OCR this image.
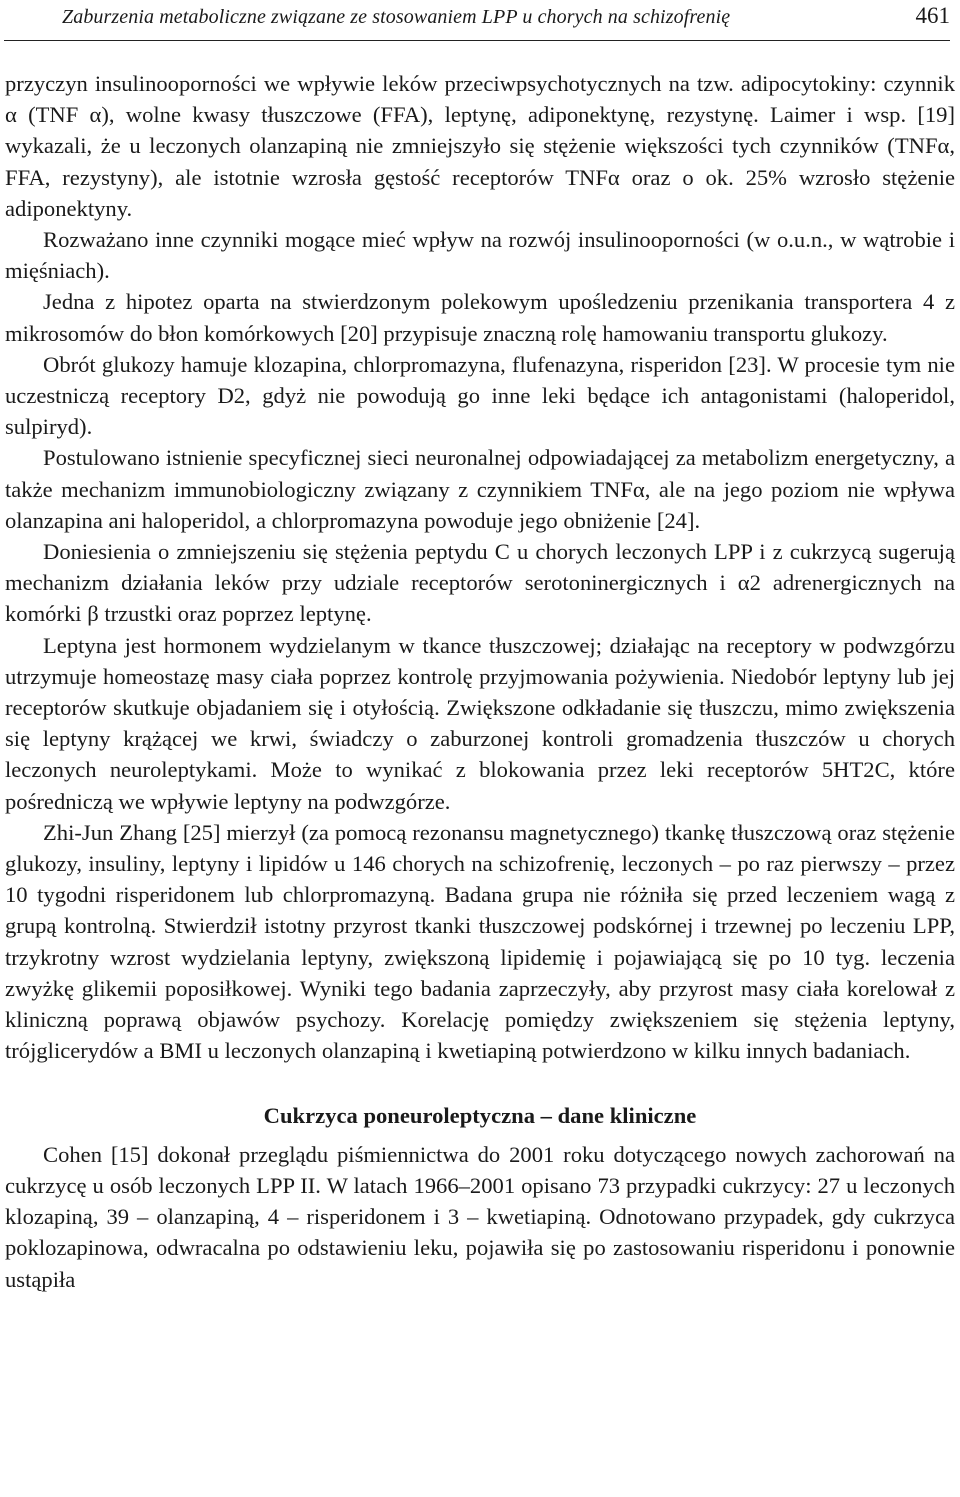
Zaburzenia metaboliczne związane ze stosowaniem LPP u chorych na schizofrenię	461

przyczyn insulinooporności we wpływie leków przeciwpsychotycznych na tzw. adipocytokiny: czynnik α (TNF α), wolne kwasy tłuszczowe (FFA), leptynę, adiponektynę, rezystynę. Laimer i wsp. [19] wykazali, że u leczonych olanzapiną nie zmniejszyło się stężenie większości tych czynników (TNFα, FFA, rezystyny), ale istotnie wzrosła gęstość receptorów TNFα oraz o ok. 25% wzrosło stężenie adiponektyny.

Rozważano inne czynniki mogące mieć wpływ na rozwój insulinooporności (w o.u.n., w wątrobie i mięśniach).

Jedna z hipotez oparta na stwierdzonym polekowym upośledzeniu przenikania transportera 4 z mikrosomów do błon komórkowych [20] przypisuje znaczną rolę hamowaniu transportu glukozy.

Obrót glukozy hamuje klozapina, chlorpromazyna, flufenazyna, risperidon [23]. W procesie tym nie uczestniczą receptory D2, gdyż nie powodują go inne leki będące ich antagonistami (haloperidol, sulpiryd).

Postulowano istnienie specyficznej sieci neuronalnej odpowiadającej za metabolizm energetyczny, a także mechanizm immunobiologiczny związany z czynnikiem TNFα, ale na jego poziom nie wpływa olanzapina ani haloperidol, a chlorpromazyna powoduje jego obniżenie [24].

Doniesienia o zmniejszeniu się stężenia peptydu C u chorych leczonych LPP i z cukrzycą sugerują mechanizm działania leków przy udziale receptorów serotoninergicznych i α2 adrenergicznych na komórki β trzustki oraz poprzez leptynę.

Leptyna jest hormonem wydzielanym w tkance tłuszczowej; działając na receptory w podwzgórzu utrzymuje homeostazę masy ciała poprzez kontrolę przyjmowania pożywienia. Niedobór leptyny lub jej receptorów skutkuje objadaniem się i otyłością. Zwiększone odkładanie się tłuszczu, mimo zwiększenia się leptyny krążącej we krwi, świadczy o zaburzonej kontroli gromadzenia tłuszczów u chorych leczonych neuroleptykami. Może to wynikać z blokowania przez leki receptorów 5HT2C, które pośredniczą we wpływie leptyny na podwzgórze.

Zhi-Jun Zhang [25] mierzył (za pomocą rezonansu magnetycznego) tkankę tłuszczową oraz stężenie glukozy, insuliny, leptyny i lipidów u 146 chorych na schizofrenię, leczonych – po raz pierwszy – przez 10 tygodni risperidonem lub chlorpromazyną. Badana grupa nie różniła się przed leczeniem wagą z grupą kontrolną. Stwierdził istotny przyrost tkanki tłuszczowej podskórnej i trzewnej po leczeniu LPP, trzykrotny wzrost wydzielania leptyny, zwiększoną lipidemię i pojawiającą się po 10 tyg. leczenia zwyżkę glikemii poposiłkowej. Wyniki tego badania zaprzeczyły, aby przyrost masy ciała korelował z kliniczną poprawą objawów psychozy. Korelację pomiędzy zwiększeniem się stężenia leptyny, trójglicerydów a BMI u leczonych olanzapiną i kwetiapiną potwierdzono w kilku innych badaniach.

Cukrzyca poneuroleptyczna – dane kliniczne

Cohen [15] dokonał przeglądu piśmiennictwa do 2001 roku dotyczącego nowych zachorowań na cukrzycę u osób leczonych LPP II. W latach 1966–2001 opisano 73 przypadki cukrzycy: 27 u leczonych klozapiną, 39 – olanzapiną, 4 – risperidonem i 3 – kwetiapiną. Odnotowano przypadek, gdy cukrzyca poklozapinowa, odwracalna po odstawieniu leku, pojawiła się po zastosowaniu risperidonu i ponownie ustąpiła
